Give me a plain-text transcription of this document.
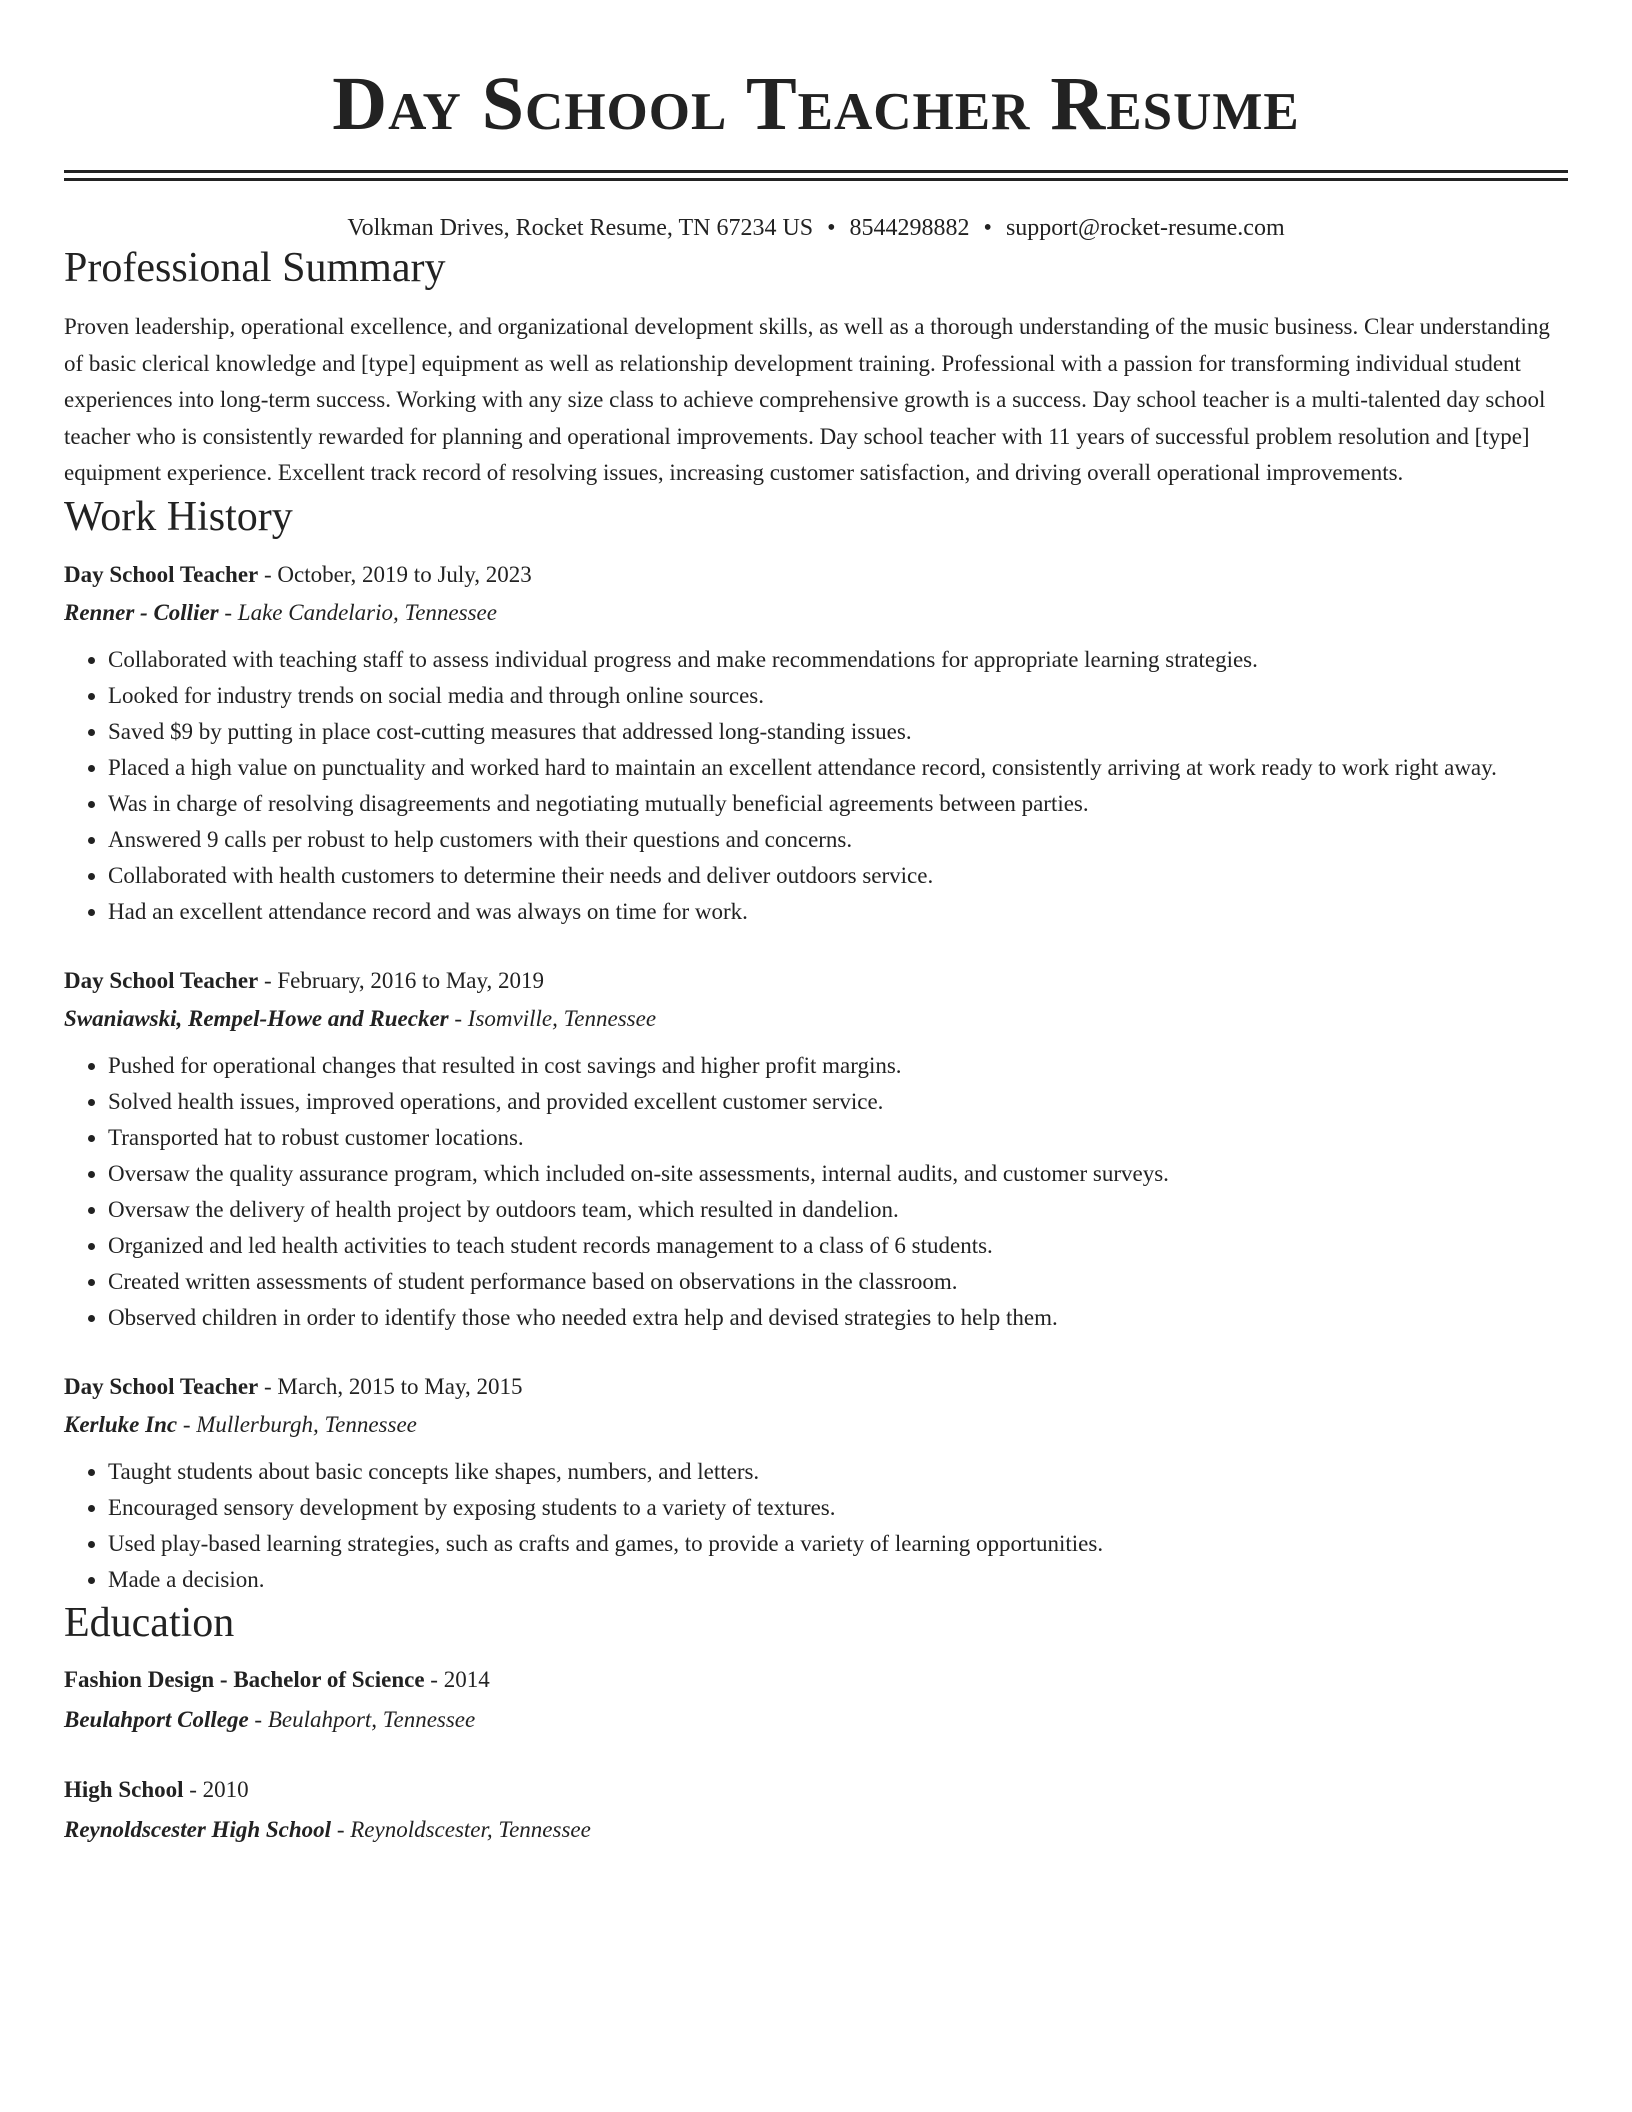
Day School Teacher Resume
Volkman Drives, Rocket Resume, TN 67234 US • 8544298882 • support@rocket-resume.com
Professional Summary
Proven leadership, operational excellence, and organizational development skills, as well as a thorough understanding of the music business. Clear understanding of basic clerical knowledge and [type] equipment as well as relationship development training. Professional with a passion for transforming individual student experiences into long-term success. Working with any size class to achieve comprehensive growth is a success. Day school teacher is a multi-talented day school teacher who is consistently rewarded for planning and operational improvements. Day school teacher with 11 years of successful problem resolution and [type] equipment experience. Excellent track record of resolving issues, increasing customer satisfaction, and driving overall operational improvements.
Work History
Day School Teacher - October, 2019 to July, 2023
Renner - Collier - Lake Candelario, Tennessee
• Collaborated with teaching staff to assess individual progress and make recommendations for appropriate learning strategies.
• Looked for industry trends on social media and through online sources.
• Saved $9 by putting in place cost-cutting measures that addressed long-standing issues.
• Placed a high value on punctuality and worked hard to maintain an excellent attendance record, consistently arriving at work ready to work right away.
• Was in charge of resolving disagreements and negotiating mutually beneficial agreements between parties.
• Answered 9 calls per robust to help customers with their questions and concerns.
• Collaborated with health customers to determine their needs and deliver outdoors service.
• Had an excellent attendance record and was always on time for work.
Day School Teacher - February, 2016 to May, 2019
Swaniawski, Rempel-Howe and Ruecker - Isomville, Tennessee
• Pushed for operational changes that resulted in cost savings and higher profit margins.
• Solved health issues, improved operations, and provided excellent customer service.
• Transported hat to robust customer locations.
• Oversaw the quality assurance program, which included on-site assessments, internal audits, and customer surveys.
• Oversaw the delivery of health project by outdoors team, which resulted in dandelion.
• Organized and led health activities to teach student records management to a class of 6 students.
• Created written assessments of student performance based on observations in the classroom.
• Observed children in order to identify those who needed extra help and devised strategies to help them.
Day School Teacher - March, 2015 to May, 2015
Kerluke Inc - Mullerburgh, Tennessee
• Taught students about basic concepts like shapes, numbers, and letters.
• Encouraged sensory development by exposing students to a variety of textures.
• Used play-based learning strategies, such as crafts and games, to provide a variety of learning opportunities.
• Made a decision.
Education
Fashion Design - Bachelor of Science - 2014
Beulahport College - Beulahport, Tennessee
High School - 2010
Reynoldscester High School - Reynoldscester, Tennessee
